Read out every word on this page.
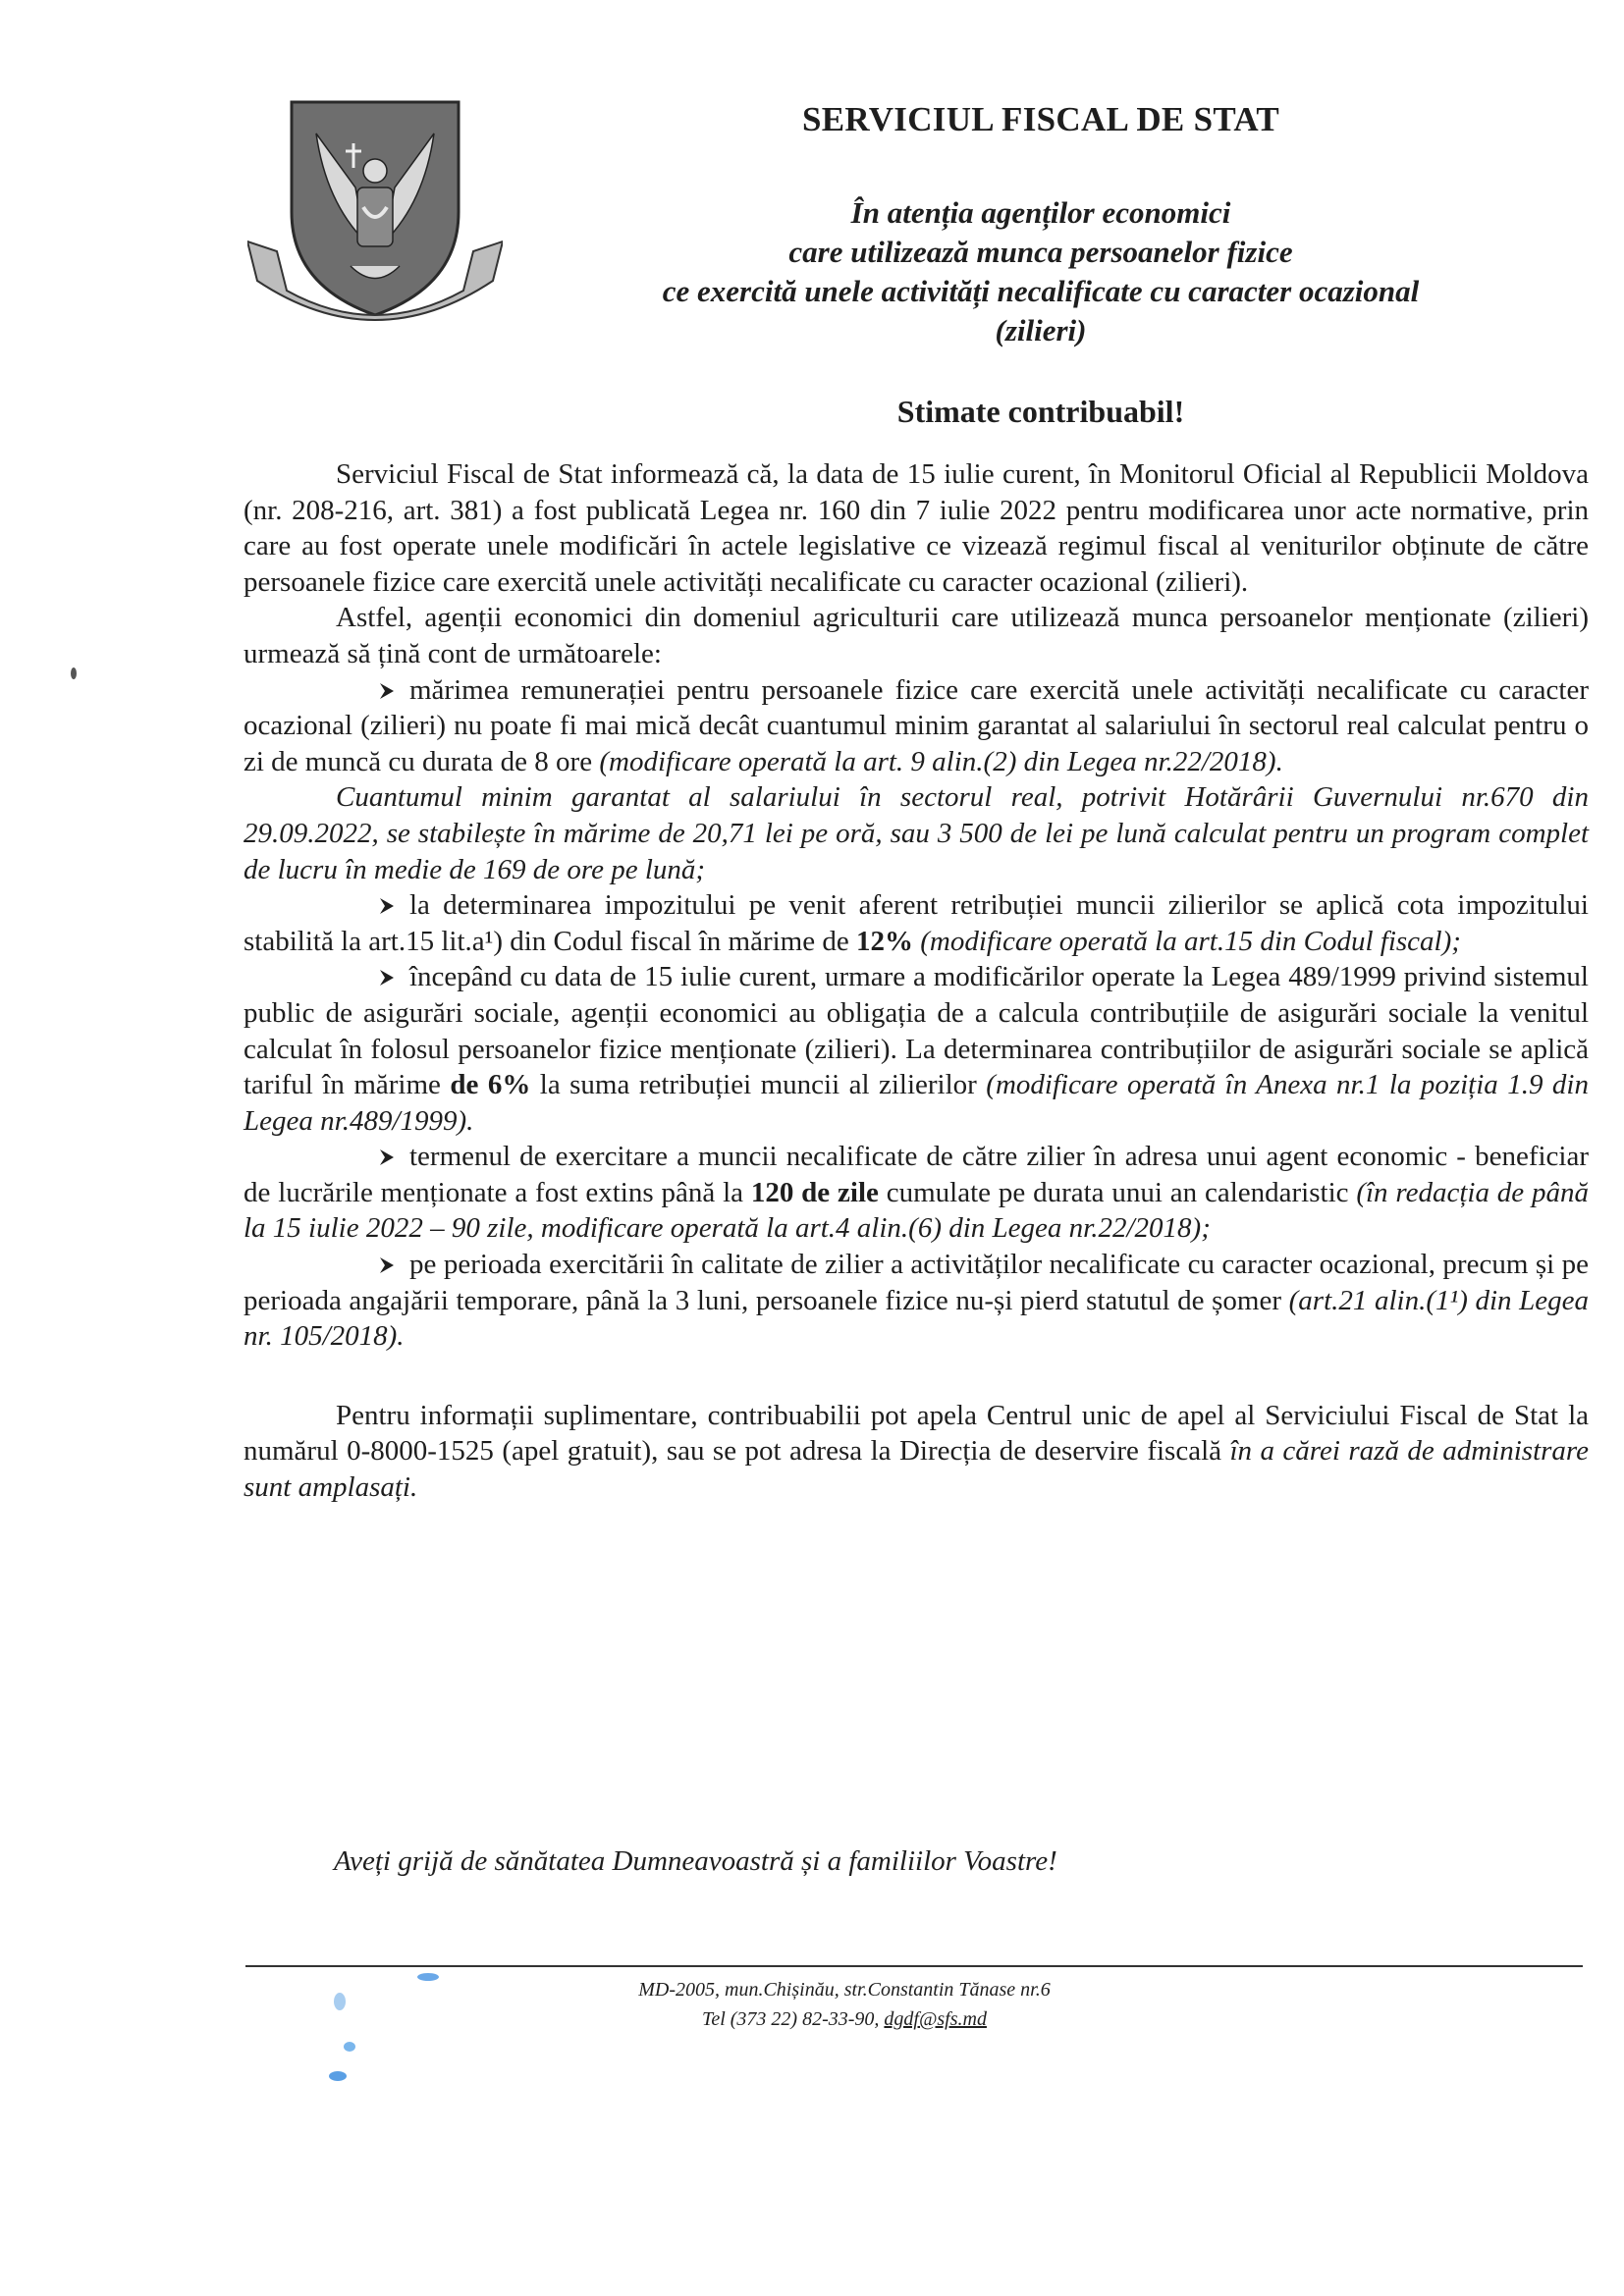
SERVICIUL FISCAL DE STAT
În atenția agenților economici
care utilizează munca persoanelor fizice
ce exercită unele activități necalificate cu caracter ocazional
(zilieri)
Stimate contribuabil!

Serviciul Fiscal de Stat informează că, la data de 15 iulie curent, în Monitorul Oficial al Republicii Moldova (nr. 208-216, art. 381) a fost publicată Legea nr. 160 din 7 iulie 2022 pentru modificarea unor acte normative, prin care au fost operate unele modificări în actele legislative ce vizează regimul fiscal al veniturilor obținute de către persoanele fizice care exercită unele activități necalificate cu caracter ocazional (zilieri).

Astfel, agenții economici din domeniul agriculturii care utilizează munca persoanelor menționate (zilieri) urmează să țină cont de următoarele:

mărimea remunerației pentru persoanele fizice care exercită unele activități necalificate cu caracter ocazional (zilieri) nu poate fi mai mică decât cuantumul minim garantat al salariului în sectorul real calculat pentru o zi de muncă cu durata de 8 ore (modificare operată la art. 9 alin.(2) din Legea nr.22/2018).

Cuantumul minim garantat al salariului în sectorul real, potrivit Hotărârii Guvernului nr.670 din 29.09.2022, se stabilește în mărime de 20,71 lei pe oră, sau 3 500 de lei pe lună calculat pentru un program complet de lucru în medie de 169 de ore pe lună;

la determinarea impozitului pe venit aferent retribuției muncii zilierilor se aplică cota impozitului stabilită la art.15 lit.a¹) din Codul fiscal în mărime de 12% (modificare operată la art.15 din Codul fiscal);

începând cu data de 15 iulie curent, urmare a modificărilor operate la Legea 489/1999 privind sistemul public de asigurări sociale, agenții economici au obligația de a calcula contribuțiile de asigurări sociale la venitul calculat în folosul persoanelor fizice menționate (zilieri). La determinarea contribuțiilor de asigurări sociale se aplică tariful în mărime de 6% la suma retribuției muncii al zilierilor (modificare operată în Anexa nr.1 la poziția 1.9 din Legea nr.489/1999).

termenul de exercitare a muncii necalificate de către zilier în adresa unui agent economic - beneficiar de lucrările menționate a fost extins până la 120 de zile cumulate pe durata unui an calendaristic (în redacția de până la 15 iulie 2022 – 90 zile, modificare operată la art.4 alin.(6) din Legea nr.22/2018);

pe perioada exercitării în calitate de zilier a activităților necalificate cu caracter ocazional, precum și pe perioada angajării temporare, până la 3 luni, persoanele fizice nu-și pierd statutul de șomer (art.21 alin.(1¹) din Legea nr. 105/2018).

Pentru informații suplimentare, contribuabilii pot apela Centrul unic de apel al Serviciului Fiscal de Stat la numărul 0-8000-1525 (apel gratuit), sau se pot adresa la Direcția de deservire fiscală în a cărei rază de administrare sunt amplasați.

Aveți grijă de sănătatea Dumneavoastră și a familiilor Voastre!
MD-2005, mun.Chișinău, str.Constantin Tănase nr.6
Tel (373 22) 82-33-90, dgdf@sfs.md
